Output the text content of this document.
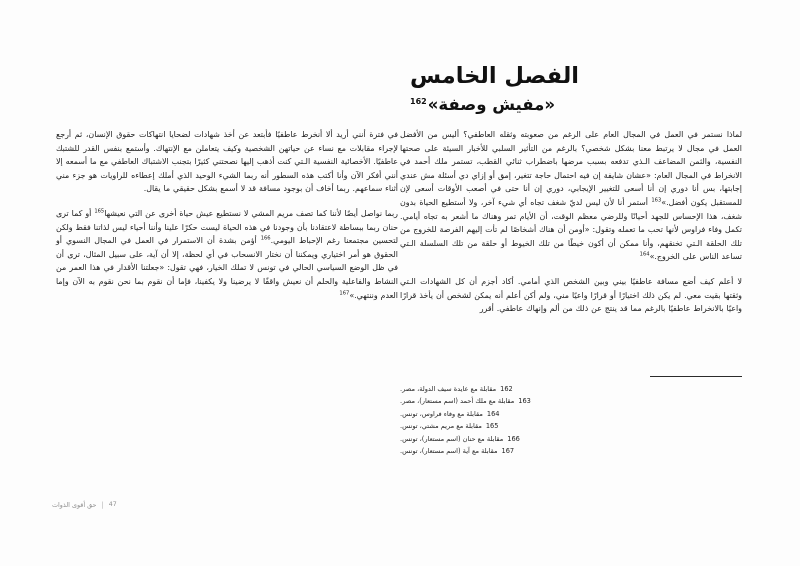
الفصل الخامس
«مفيش وصفة»$^{162}$

لماذا نستمر في العمل في المجال العام على الرغم من صعوبته وثقله العاطفي؟ أليس من الأفضل العمل في مجال لا يرتبط معنا بشكل شخصي؟ بالرغم من التأثير السلبي للأخبار السيئة على صحتها النفسية، والثمن المضاعف الـذي تدفعه بسبب مرضها باضطراب ثنائي القطب، تستمر ملك أحمد في الانخراط في المجال العام: «عشان شايفة إن فيه احتمال حاجة تتغير، إمق أو إزاي دي أسئلة مش عندي إجابتها، بس أنا دوري إن أنا أسعى للتغيير الإيجابي، دوري إن أنا حتى في أصعب الأوقات أسعى لإن للمستقبل يكون أفضل.»$^{163}$ أستمر أنا لأن ليس لديّ شغف تجاه أي شيء آخر، ولا أستطيع الحياة بدون شغف، هذا الإحساس للجهد أحيانًا وللرضي معظم الوقت، أن الأيام تمر وهناك ما أشعر به تجاه أيامي. تكمل وفاء فراوس لأنها تحب ما تعمله وتقول: «أومن أن هناك أشخاصًا لم تأت إليهم الفرصة للخروج من تلك الحلقة الـتي تخنقهم، وأنا ممكن أن أكون خيطًا من تلك الخيوط أو حلقة من تلك السلسلة الـتي تساعد الناس على الخروج.»$^{164}$

لا أعلم كيف أضع مسافة عاطفيًا بيني وبين الشخص الذي أمامي. أكاد أجزم أن كل الشهادات الـتي وثقتها بقيت معي. لم يكن ذلك اختيارًا أو قرارًا واعيًا مني، ولم أكن أعلم أنه يمكن لشخص أن يأخذ قرارًا واعيًا بالانخراط عاطفيًا بالرغم مما قد ينتج عن ذلك من ألم وإنهاك عاطفي. أقرر

في فترة أنني أريد ألا أنخرط عاطفيًا فأبتعد عن أخذ شهادات لضحايا انتهاكات حقوق الإنسان، ثم أرجع لإجراء مقابلات مع نساء عن حياتهن الشخصية وكيف يتعاملن مع الإنتهاك. وأستمع بنفس القدر للشتبك عاطفيًا. الأخصائية النفسية الـتي كنت أذهب إليها نصحتني كثيرًا بتجنب الاشتباك العاطفي مع ما أسمعه إلا أنني أفكر الآن وأنا أكتب هذه السطور أنه ربما الشيء الوحيد الذي أملك إعطاءه للراويات هو جزء مني أثناء سماعهم. ربما أخاف أن بوجود مسافة قد لا أسمع بشكل حقيقي ما يقال.

ربما نواصل أيضًا لأننا كما تصف مريم المشي لا نستطيع عيش حياة أخرى عن التي نعيشها$^{165}$ أو كما ترى حنان ربما ببساطة لاعتقادنا بأن وجودنا في هذه الحياة ليست حكرًا علينا وأننا أحياء ليس لذاتنا فقط ولكن لتحسين مجتمعنا رغم الإحباط اليومي.$^{166}$ أؤمن بشدة أن الاستمرار في العمل في المجال النسوي أو الحقوق هو أمر اختياري ويمكننا أن نختار الانسحاب في أي لحظة، إلا أن آية، على سبيل المثال، ترى أن في ظل الوضع السياسي الحالي في تونس لا تملك الخيار، فهي تقول: «جعلتنا الأقدار في هذا العمر من النشاط والفاعلية والحلم أن نعيش واقفًا لا يرضينا ولا يكفينا، فإما أن نقوم بما نحن نقوم به الآن وإما العدم وننتهي.»$^{167}$

162مقابلة مع عايدة سيف الدولة، مصر.

163مقابلة مع ملك أحمد (اسم مستعار)، مصر.

164مقابلة مع وفاء فراوس، تونس.

165مقابلة مع مريم مشتي، تونس.

166مقابلة مع حنان (اسم مستعار)، تونس.

167مقابلة مع آية (اسم مستعار)، تونس.

47
|
حق أقوى الذوات
